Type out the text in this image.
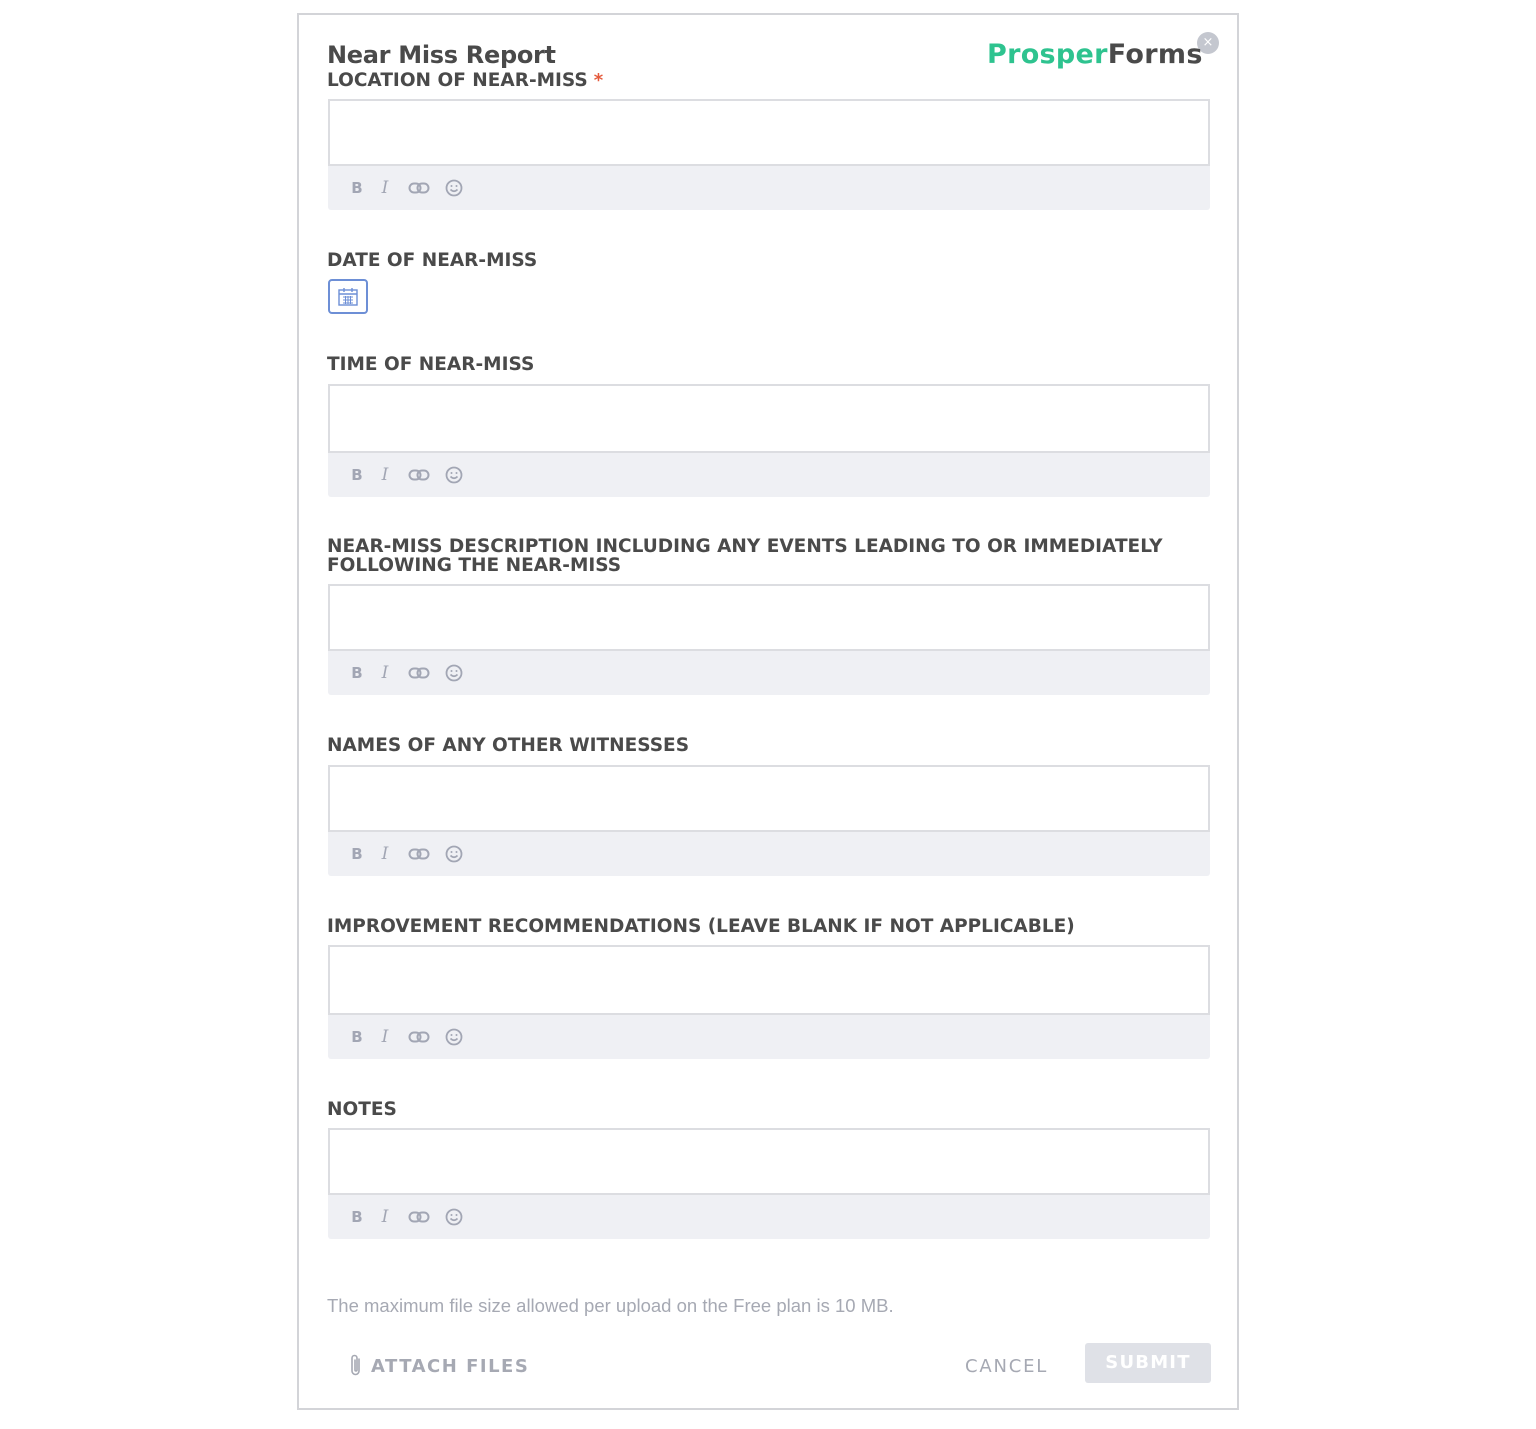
×
ProsperForms
Near Miss Report
LOCATION OF NEAR-MISS *
B I
DATE OF NEAR-MISS
TIME OF NEAR-MISS
B I
NEAR-MISS DESCRIPTION INCLUDING ANY EVENTS LEADING TO OR IMMEDIATELY FOLLOWING THE NEAR-MISS
B I
NAMES OF ANY OTHER WITNESSES
B I
IMPROVEMENT RECOMMENDATIONS (LEAVE BLANK IF NOT APPLICABLE)
B I
NOTES
B I
The maximum file size allowed per upload on the Free plan is 10 MB.
ATTACH FILES	CANCEL	SUBMIT
